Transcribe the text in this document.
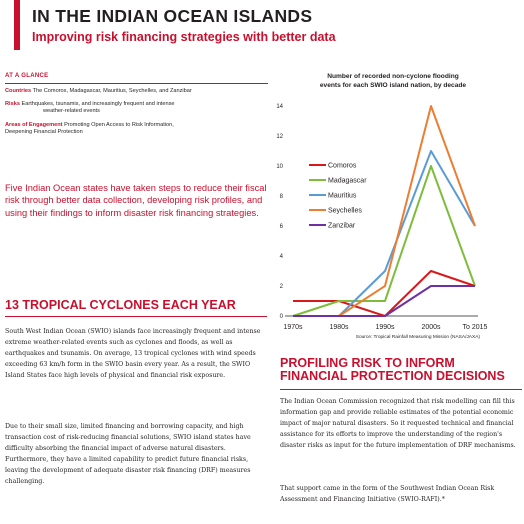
IN THE INDIAN OCEAN ISLANDS
Improving risk financing strategies with better data
AT A GLANCE
Countries The Comoros, Madagascar, Mauritius, Seychelles, and Zanzibar
Risks Earthquakes, tsunamis, and increasingly frequent and intense
weather-related events
Areas of Engagement Promoting Open Access to Risk Information,
Deepening Financial Protection
Five Indian Ocean states have taken steps to reduce their fiscal risk through better data collection, developing risk profiles, and using their findings to inform disaster risk financing strategies.
13 TROPICAL CYCLONES EACH YEAR
South West Indian Ocean (SWIO) islands face increasingly frequent and intense extreme weather-related events such as cyclones and floods, as well as earthquakes and tsunamis. On average, 13 tropical cyclones with wind speeds exceeding 63 km/h form in the SWIO basin every year. As a result, the SWIO Island States face high levels of physical and financial risk exposure.
Due to their small size, limited financing and borrowing capacity, and high transaction cost of risk-reducing financial solutions, SWIO island states have difficulty absorbing the financial impact of adverse natural disasters. Furthermore, they have a limited capability to predict future financial risks, leaving the development of adequate disaster risk financing (DRF) measures challenging.
PROFILING RISK TO INFORM
FINANCIAL PROTECTION DECISIONS
The Indian Ocean Commission recognized that risk modelling can fill this information gap and provide reliable estimates of the potential economic impact of major natural disasters. So it requested technical and financial assistance for its efforts to improve the understanding of the region's disaster risks as input for the future implementation of DRF mechanisms.
That support came in the form of the Southwest Indian Ocean Risk Assessment and Financing Initiative (SWIO-RAFI).*
Number of recorded non-cyclone flooding
events for each SWIO island nation, by decade
0
2
4
6
8
10
12
14
1970s	1980s	1990s	2000s	To 2015
Comoros
Madagascar
Mauritius
Seychelles
Zanzibar
Source: Tropical Rainfall Measuring Mission (NASA/JAXA)
